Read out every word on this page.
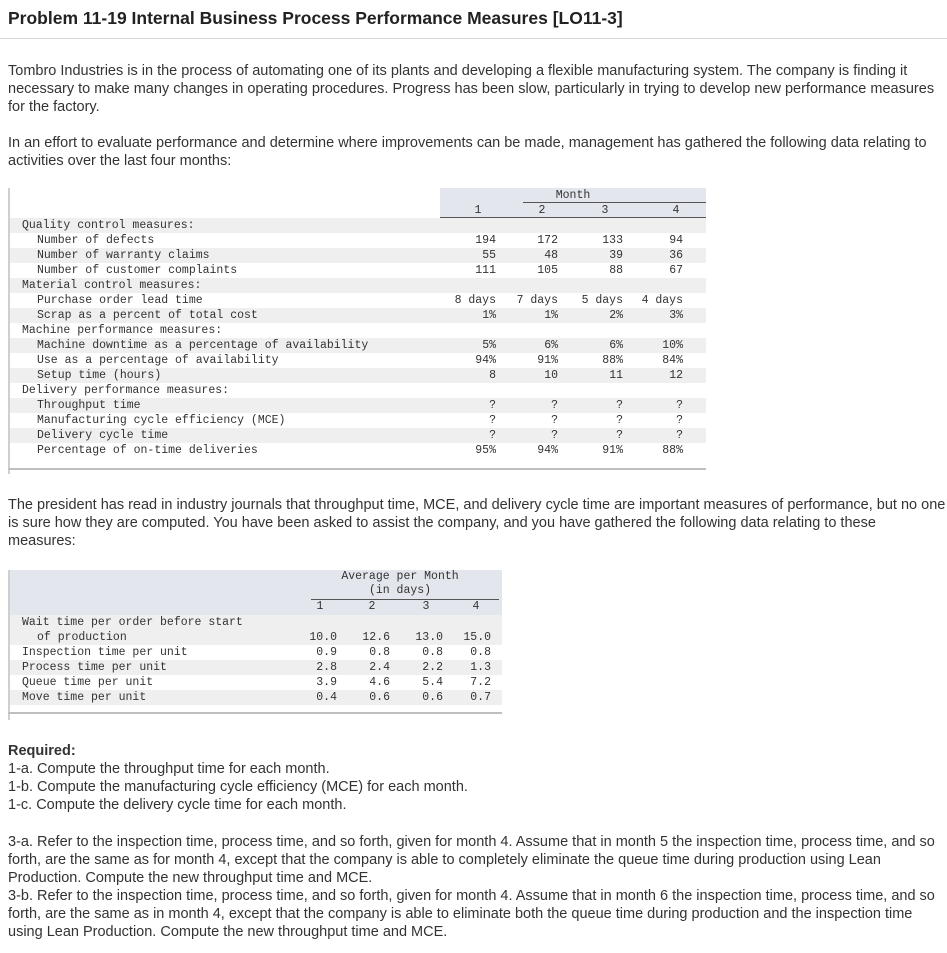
Problem 11-19 Internal Business Process Performance Measures [LO11-3]
Tombro Industries is in the process of automating one of its plants and developing a flexible manufacturing system. The company is finding it necessary to make many changes in operating procedures. Progress has been slow, particularly in trying to develop new performance measures for the factory.
In an effort to evaluate performance and determine where improvements can be made, management has gathered the following data relating to activities over the last four months:
Month
1	2	3	4
Quality control measures:
Number of defects	194	172	133	94
Number of warranty claims	55	48	39	36
Number of customer complaints	111	105	88	67
Material control measures:
Purchase order lead time	8 days	7 days	5 days	4 days
Scrap as a percent of total cost	1%	1%	2%	3%
Machine performance measures:
Machine downtime as a percentage of availability	5%	6%	6%	10%
Use as a percentage of availability	94%	91%	88%	84%
Setup time (hours)	8	10	11	12
Delivery performance measures:
Throughput time	?	?	?	?
Manufacturing cycle efficiency (MCE)	?	?	?	?
Delivery cycle time	?	?	?	?
Percentage of on-time deliveries	95%	94%	91%	88%
The president has read in industry journals that throughput time, MCE, and delivery cycle time are important measures of performance, but no one is sure how they are computed. You have been asked to assist the company, and you have gathered the following data relating to these measures:
Average per Month
(in days)
1	2	3	4
Wait time per order before start
of production	10.0	12.6	13.0	15.0
Inspection time per unit	0.9	0.8	0.8	0.8
Process time per unit	2.8	2.4	2.2	1.3
Queue time per unit	3.9	4.6	5.4	7.2
Move time per unit	0.4	0.6	0.6	0.7
Required:
1-a. Compute the throughput time for each month.
1-b. Compute the manufacturing cycle efficiency (MCE) for each month.
1-c. Compute the delivery cycle time for each month.
3-a. Refer to the inspection time, process time, and so forth, given for month 4. Assume that in month 5 the inspection time, process time, and so forth, are the same as for month 4, except that the company is able to completely eliminate the queue time during production using Lean Production. Compute the new throughput time and MCE.
3-b. Refer to the inspection time, process time, and so forth, given for month 4. Assume that in month 6 the inspection time, process time, and so forth, are the same as in month 4, except that the company is able to eliminate both the queue time during production and the inspection time using Lean Production. Compute the new throughput time and MCE.
